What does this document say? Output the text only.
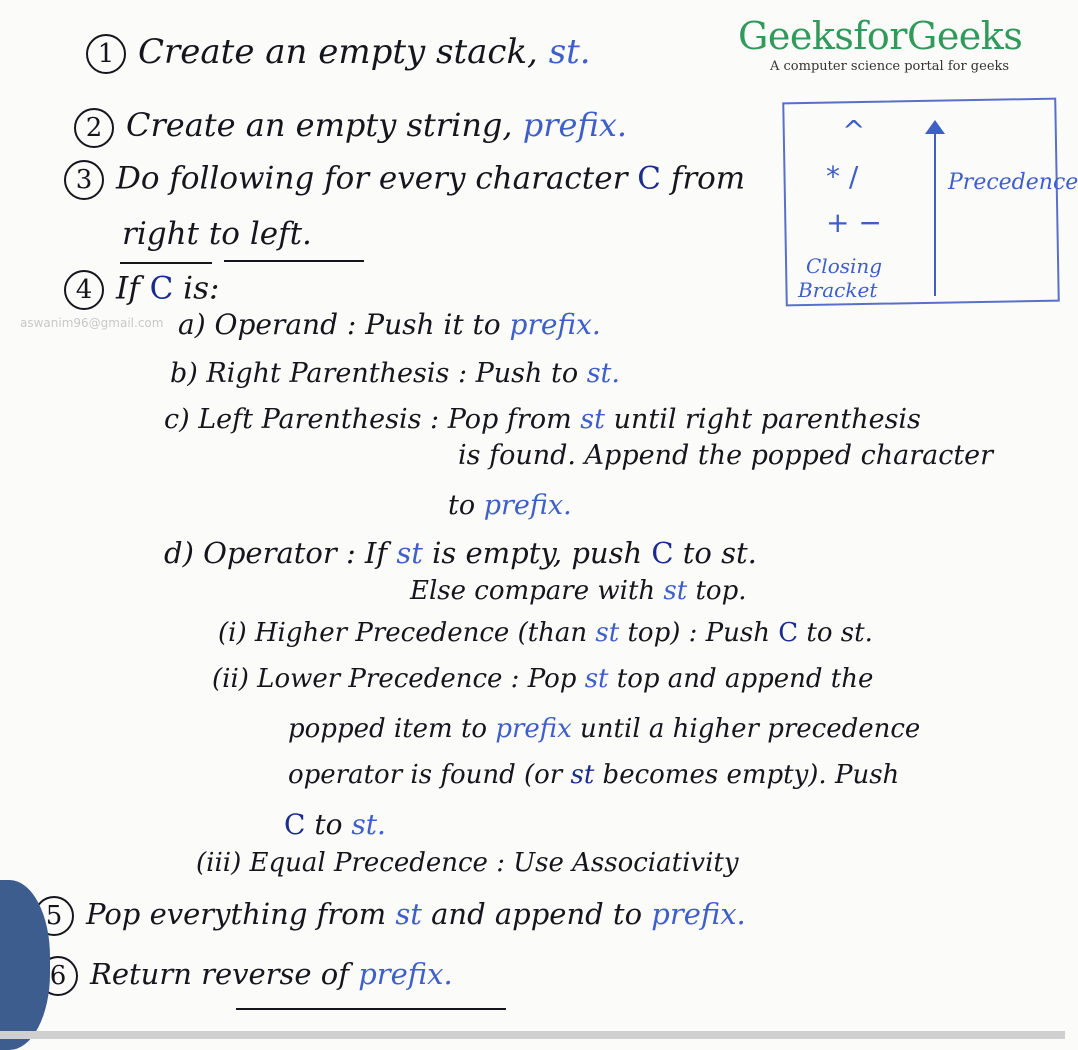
GeeksforGeeks
A computer science portal for geeks
aswanim96@gmail.com
1 Create an empty stack, st.
2 Create an empty string, prefix.
3 Do following for every character C from
right to left.
4 If C is:
a) Operand : Push it to prefix.
b) Right Parenthesis : Push to st.
c) Left Parenthesis : Pop from st until right parenthesis
is found. Append the popped character
to prefix.
d) Operator : If st is empty, push C to st.
Else compare with st top.
(i) Higher Precedence (than st top) : Push C to st.
(ii) Lower Precedence : Pop st top and append the
popped item to prefix until a higher precedence
operator is found (or st becomes empty). Push
C to st.
(iii) Equal Precedence : Use Associativity
5 Pop everything from st and append to prefix.
6 Return reverse of prefix.
^
* /
+ −
Closing
Bracket
Precedence
